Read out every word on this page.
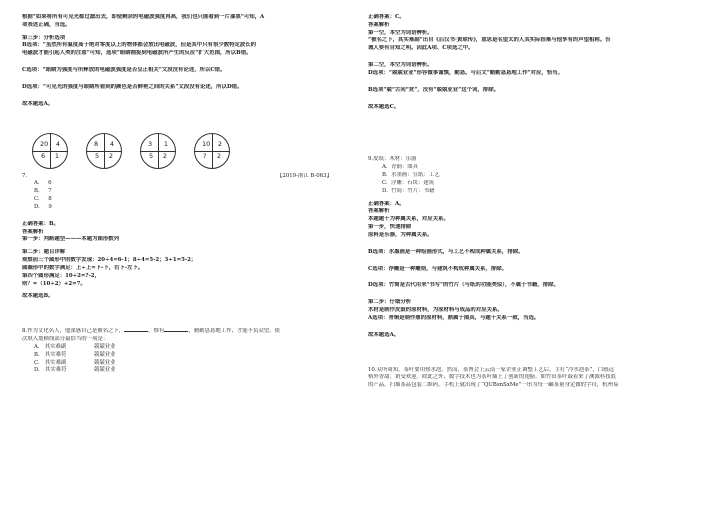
根据“如果将所有可见光都过滤出去，即使剩余的电磁波强度再高，我们也只能看到一片漆黑”可知，A

项表述正确，当选。

第三步：分析选项

B选项：“虽然所有温度高于绝对零度以上的物体都会放出电磁波，但是其中只有很少数特定波长的

电磁波才能引起人类的注意”可知，选项“眼睛捕捉到电磁波所产生的反应”扩大范围，所以B错。

C选项：“眼睛为强度与所释放的电磁波强度是否呈正相关”文段没有论述，所以C错。

D选项：“可见光的强度与眼睛所看到的颜色是否鲜艳之间的关系”文段没有论述，所以D错。

故本题选A。

20 4
6 1
8 4
5 2
3 1
5 2
10 2
? 2

7.	【2019-浙江 B-063】

A.     6

B.     7

C.     8

D.     9

正确答案：B。

答案解析

第一步：判断题型———本题为图形数列

第二步：题目详解

观察前三个圆形中的数字发现：20÷4=6-1；8÷4=5-2；3÷1=5-2；

圆圈形中的数字满足：上÷上=下-下，右下-左下。

第四个圆形满足：10÷2=?-2，

则？=（10÷2）+2=7。

故本题选B。

8.作为文化名人，他深感自己是被名之下，	，惟有	，勤勤恳恳地工作，才能不负众望。依

次填入划横线部分最恰当的一项是：

A.   其实难副	兢兢业业
B.   其实难符	兢兢业业
C.   其实难副	兢兢业业
D.   其实难符	兢兢业业

正确答案：C。

答案解析

第一空，本空为词语辨析。

“被名之下，其实难副”出自《后汉书·黄琼传》，意思是名望太的人其实际很难与他享有的声望相称。告

诫人要有自知之明。因此A项、C项选之中。

第二空，本空为词语辨析。

D选项：“兢兢业业”形容做事谨慎，勤恳。与后文“勤勤恳恳地工作”对应，恰当。

B选项“兢”古同“竞”，没有“兢兢业业”这个词，排除。

故本题选C。

9.皮纸：木材：乐器

A.  青铜：图具

B.  水墨画：宣纸：工艺

C.  浮雕：石块：建筑

D.  竹简：竹片：书籍

正确答案：A。

答案解析

本题题干为种属关系，对应关系。

第一步，快速排除

原料是乐器，为种属关系。

B选项：水墨画是一种绘画形式，与工艺不构成种属关系，排除。

C选项：浮雕是一种雕刻，与建筑不构成种属关系，排除。

D选项：竹简是古代用来"书写"的竹片（与纸的功能类似），不属于书籍，排除。

第二步：仔细分析

木材是制作皮鼓的原材料，为原材料与成品的对应关系。

A选项：青铜是制作鼎的原材料，鼎属于图具，与题干关系一致，当选。

故本题选A。

10.众所周知，茶叶要用热水泡。然而，茶博会上云南一家企业正调整工艺后，主打“冷水泡茶”，口感远

格外香甜，销受欢迎。除此之外，数字技术也为茶叶插上了创新的翅膀。如竹田茶叶载着来了溯源科技底

的产品，扫描茶品包装二维码，手机上就出现了“QUBsnSxMe”一串为每一罐茶量身定做的字符，杭州易
